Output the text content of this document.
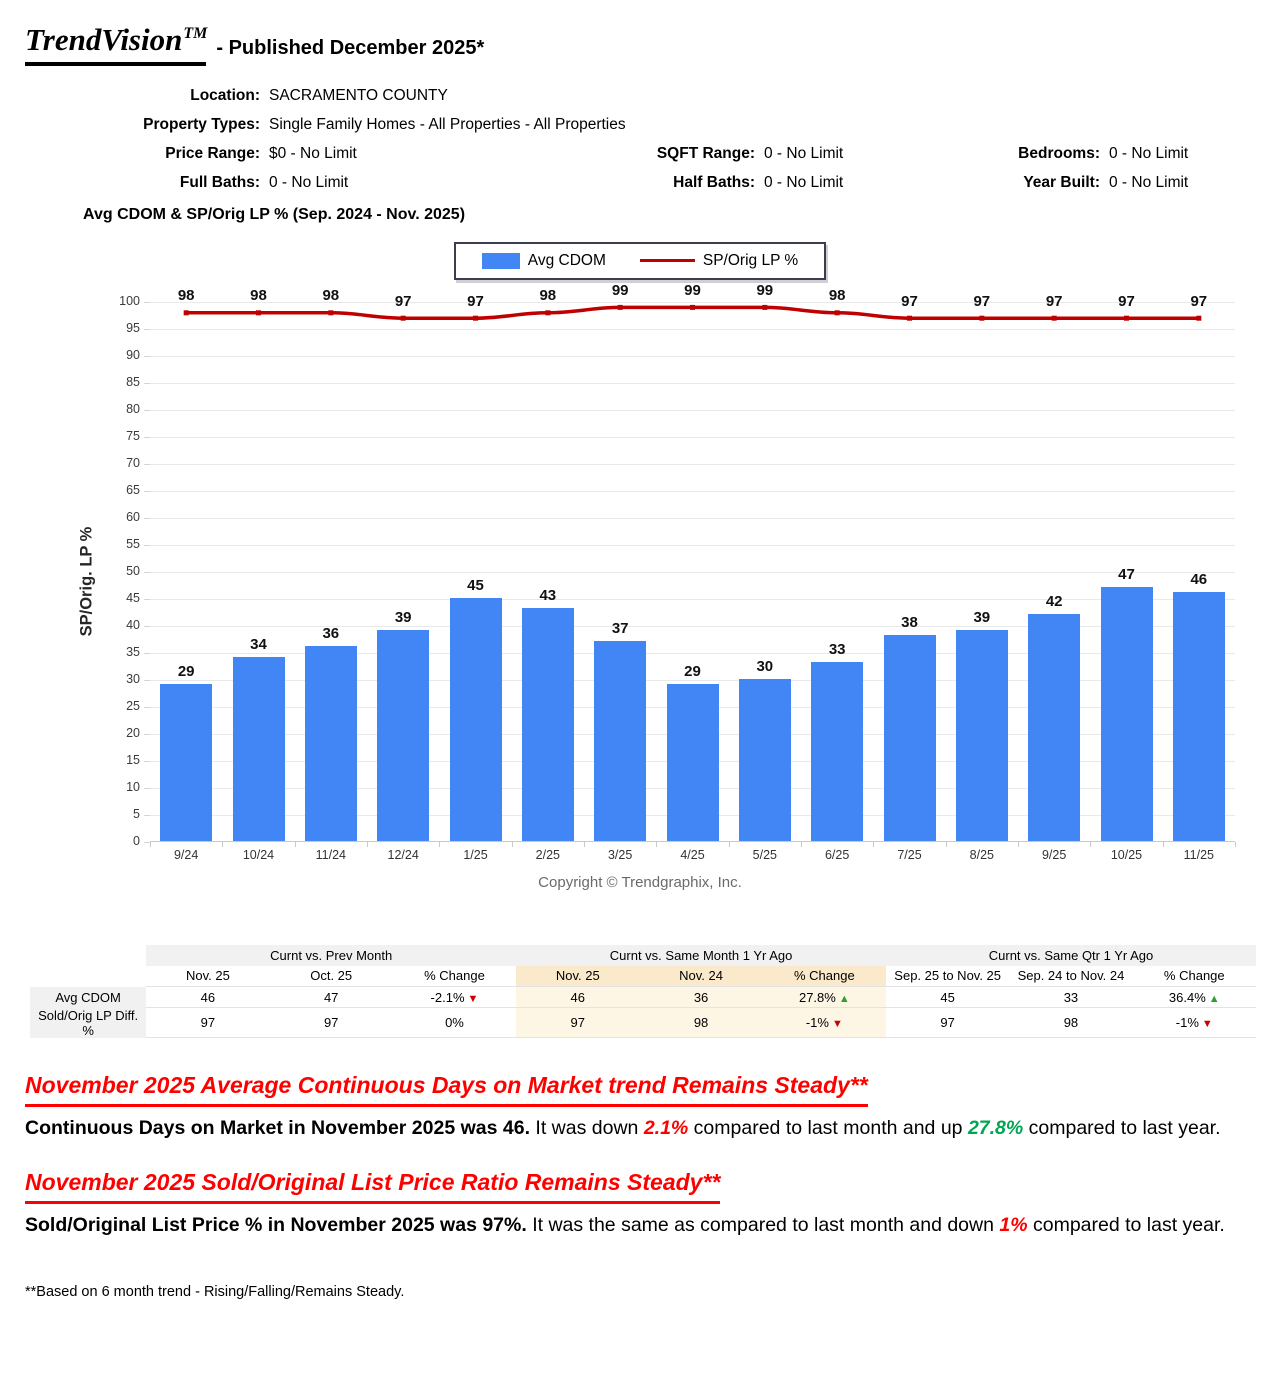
TrendVision™
- Published December 2025*
Location: SACRAMENTO COUNTY
Property Types: Single Family Homes - All Properties - All Properties
Price Range: $0 - No Limit	SQFT Range: 0 - No Limit	Bedrooms: 0 - No Limit
Full Baths: 0 - No Limit	Half Baths: 0 - No Limit	Year Built: 0 - No Limit
Avg CDOM & SP/Orig LP % (Sep. 2024 - Nov. 2025)
Avg CDOM	SP/Orig LP %
SP/Orig. LP %
0
5
10
15
20
25
30
35
40
45
50
55
60
65
70
75
80
85
90
95
100
29
34
36
39
45
43
37
29	30
33
38	39
42
47	46
98	98	98	97	97	98	99	99	99	98	97	97	97	97	97
9/24	10/24	11/24	12/24	1/25	2/25	3/25	4/25	5/25	6/25	7/25	8/25	9/25	10/25	11/25
Copyright © Trendgraphix, Inc.
	Curnt vs. Prev Month			Curnt vs. Same Month 1 Yr Ago			Curnt vs. Same Qtr 1 Yr Ago		
	Nov. 25	Oct. 25	% Change	Nov. 25	Nov. 24	% Change	Sep. 25 to Nov. 25	Sep. 24 to Nov. 24	% Change
Avg CDOM	46	47	-2.1% ▼	46	36	27.8% ▲	45	33	36.4% ▲
Sold/Orig LP Diff. %	97	97	0%	97	98	-1% ▼	97	98	-1% ▼
November 2025 Average Continuous Days on Market trend Remains Steady**
Continuous Days on Market in November 2025 was 46. It was down 2.1% compared to last month and up 27.8% compared to last year.
November 2025 Sold/Original List Price Ratio Remains Steady**
Sold/Original List Price % in November 2025 was 97%. It was the same as compared to last month and down 1% compared to last year.
**Based on 6 month trend - Rising/Falling/Remains Steady.
